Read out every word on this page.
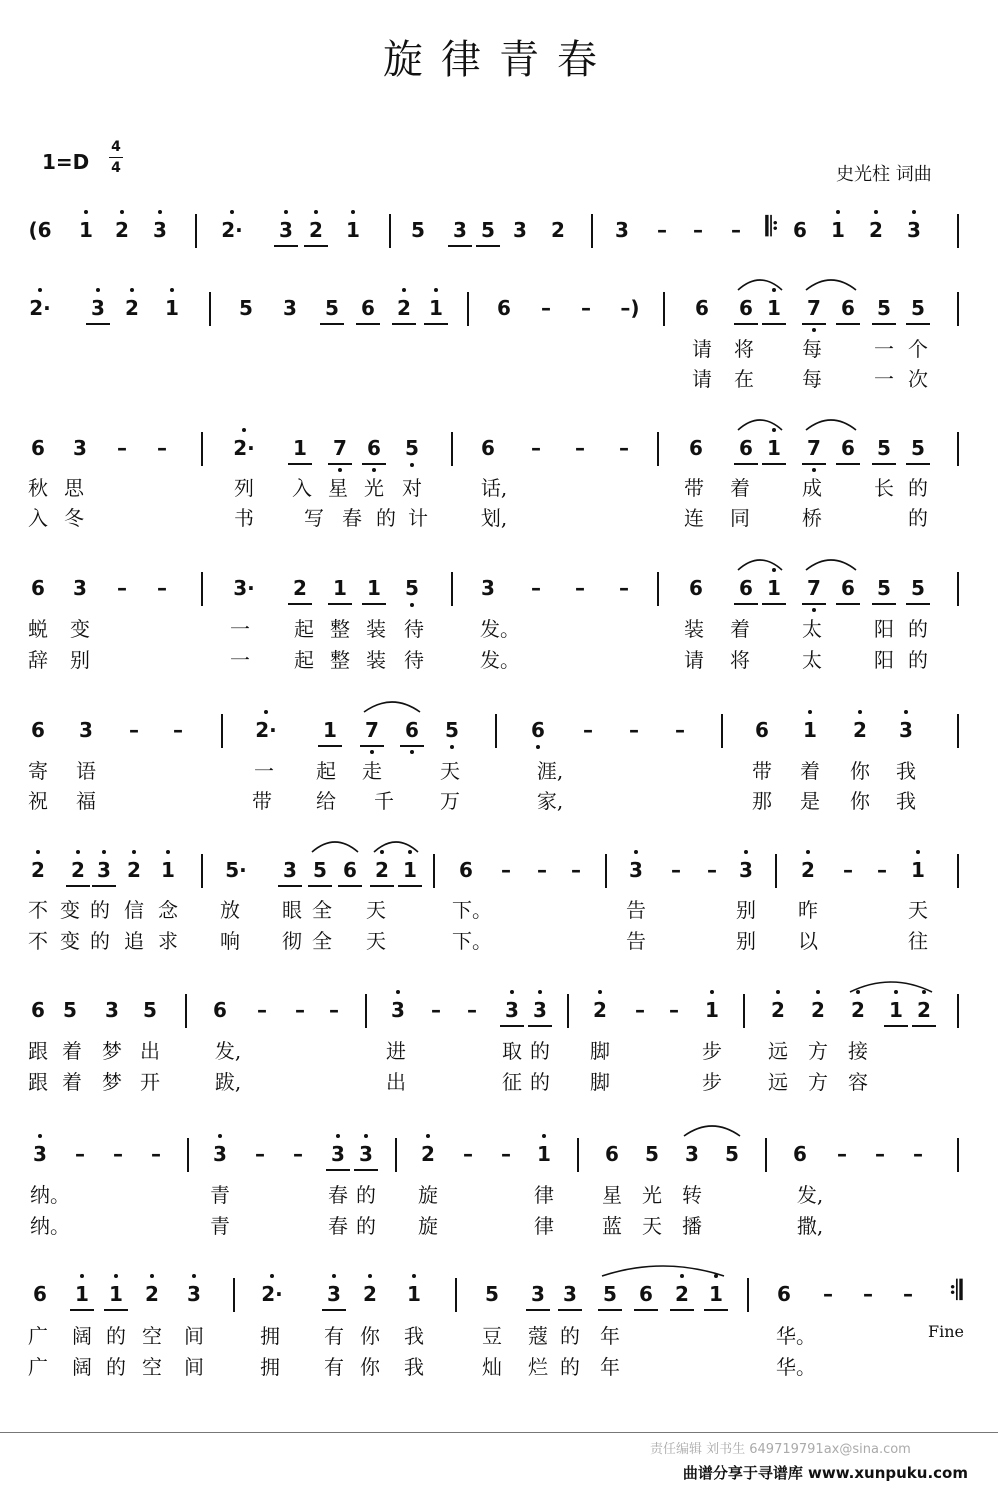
旋律青春
1=D
4
4	史光柱 词曲
(6 1 2 3	2· 3 2 1	5 3 5 3 2	3 – – – 𝄆 6 1 2 3
2· 3 2 1	5 3 5 6 2 1	6 – – –)	6 6 1 7 6 5 5
6 3 – –	2· 1 7 6 5	6 – – –	6 6 1 7 6 5 5
6 3 – –	3· 2 1 1 5	3 – – –	6 6 1 7 6 5 5
6 3 – –	2· 1 7 6 5	6 – – –	6 1 2 3
2 2 3 2 1	5· 3 5 6 2 1 6 – – – 3 – – 3 2 – – 1
6 5 3 5	6 – – –	3 – – 3 3 2 – – 1	2 2 2 1 2
3 – – –	3 – – 3 3 2 – – 1	6 5 3 5	6 – – –
6 1 1 2 3	2· 3 2 1	5 3 3 5 6 2 1	6 – – – 𝄇
请 将 每	一 个
请 在 每	一 次
秋 思	列 入 星 光 对	话,	带 着	成	长 的
入 冬	书	写 春 的 计	划,	连 同	桥	的
蜕 变	一 起 整 装 待	发。	装 着	太	阳 的
辞 别	一 起 整 装 待	发。	请 将	太	阳 的
寄 语	一 起 走	天	涯,	带 着 你 我
祝 福	带 给 千 万	家,	那 是 你 我
不 变 的 信 念 放 眼 全 天	下。	告	别 昨	天
不 变 的 追 求 响 彻 全 天	下。	告	别 以	往
跟 着 梦 出	发,	进	取 的 脚	步 远 方 接
跟 着 梦 开	跋,	出	征 的 脚	步 远 方 容
纳。	青	春 的 旋	律 星 光 转	发,
纳。	青	春 的 旋	律 蓝 天 播	撒,
广 阔 的 空 间	拥 有 你 我	豆 蔻 的 年	华。
广 阔 的 空 间	拥 有 你 我	灿 烂 的 年	华。
Fine
责任编辑 刘书生 649719791ax@sina.com
曲谱分享于寻谱库 www.xunpuku.com
